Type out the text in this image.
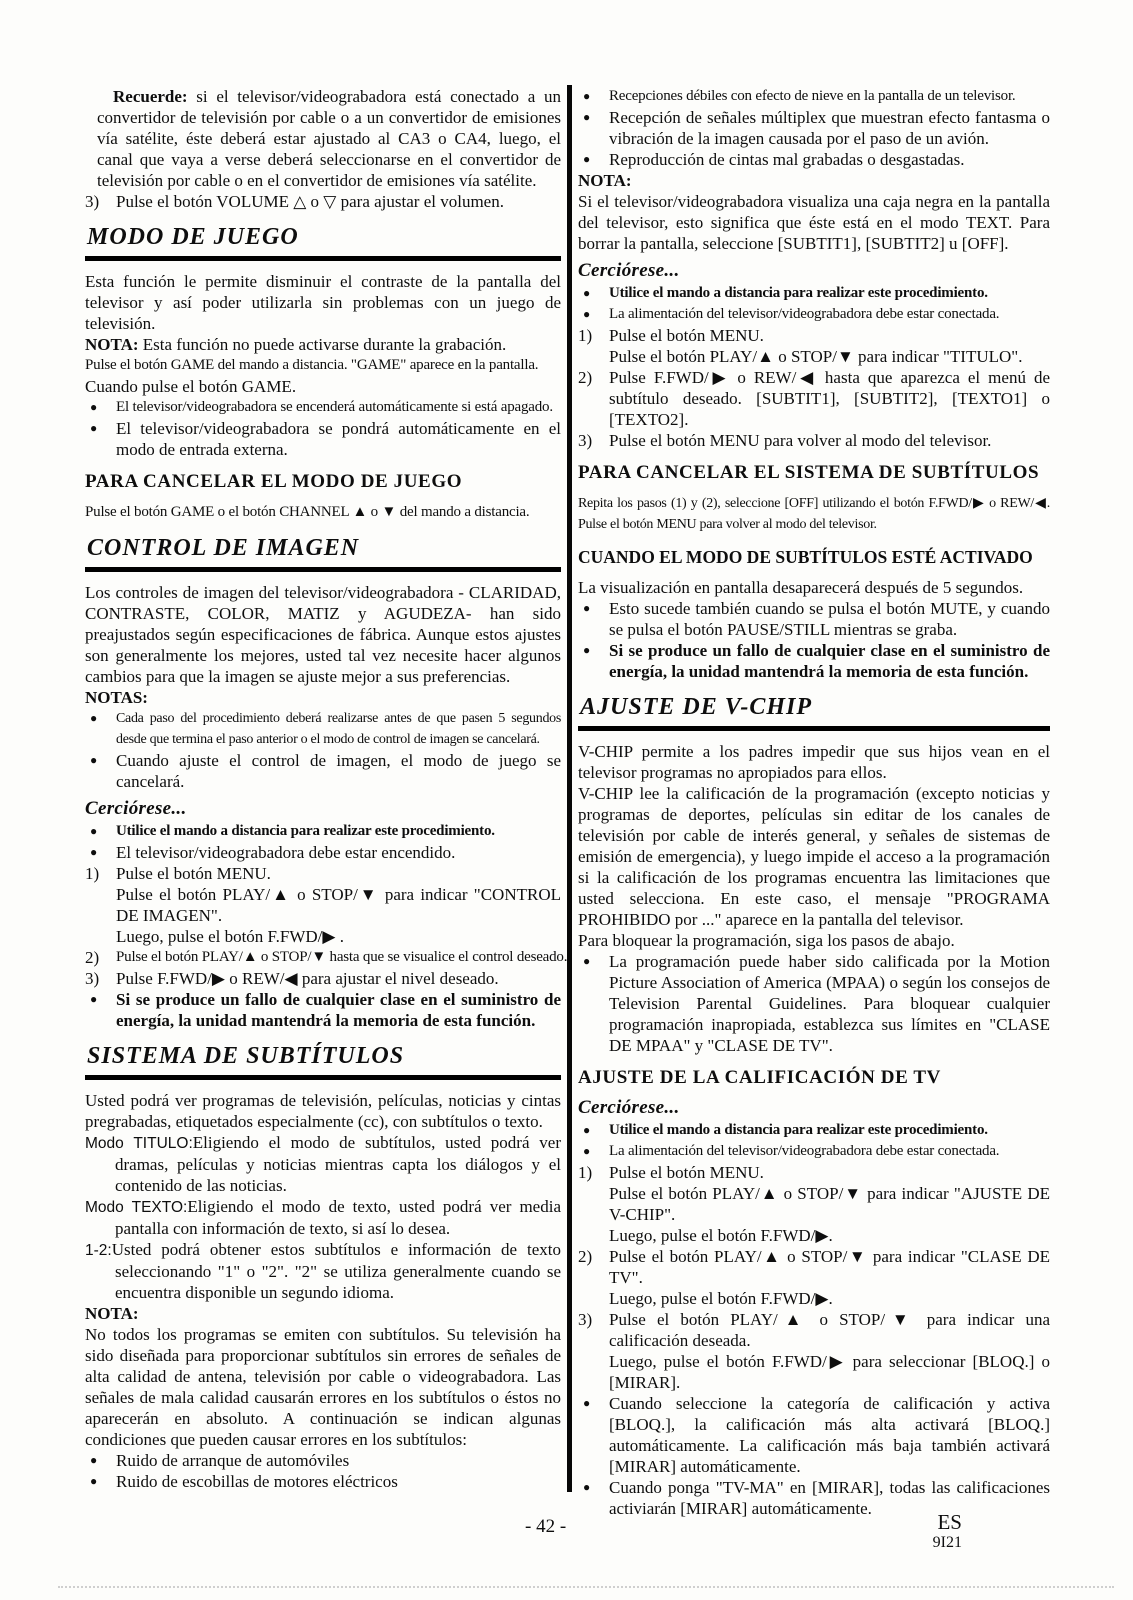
Recuerde: si el televisor/videograbadora está conectado a un convertidor de televisión por cable o a un convertidor de emisiones vía satélite, éste deberá estar ajustado al CA3 o CA4, luego, el canal que vaya a verse deberá seleccionarse en el convertidor de televisión por cable o en el convertidor de emisiones vía satélite.

3) Pulse el botón VOLUME △ o ▽ para ajustar el volumen.
MODO DE JUEGO

Esta función le permite disminuir el contraste de la pantalla del televisor y así poder utilizarla sin problemas con un juego de televisión.

NOTA: Esta función no puede activarse durante la grabación.

Pulse el botón GAME del mando a distancia. "GAME" aparece en la pantalla.

Cuando pulse el botón GAME.

●	El televisor/videograbadora se encenderá automáticamente si está apagado.
●	El televisor/videograbadora se pondrá automáticamente en el modo de entrada externa.
PARA CANCELAR EL MODO DE JUEGO

Pulse el botón GAME o el botón CHANNEL ▲ o ▼ del mando a distancia.

CONTROL DE IMAGEN

Los controles de imagen del televisor/videograbadora - CLARIDAD, CONTRASTE, COLOR, MATIZ y AGUDEZA- han sido preajustados según especificaciones de fábrica. Aunque estos ajustes son generalmente los mejores, usted tal vez necesite hacer algunos cambios para que la imagen se ajuste mejor a sus preferencias.

NOTAS:

●	Cada paso del procedimiento deberá realizarse antes de que pasen 5 segundos desde que termina el paso anterior o el modo de control de imagen se cancelará.
●	Cuando ajuste el control de imagen, el modo de juego se cancelará.
Cerciórese...
●	Utilice el mando a distancia para realizar este procedimiento.
●	El televisor/videograbadora debe estar encendido.
1) Pulse el botón MENU.
Pulse el botón PLAY/▲ o STOP/▼ para indicar "CONTROL DE IMAGEN".
Luego, pulse el botón F.FWD/▶ .
2)	Pulse el botón PLAY/▲ o STOP/▼ hasta que se visualice el control deseado.
3) Pulse F.FWD/▶ o REW/◀ para ajustar el nivel deseado.
●	Si se produce un fallo de cualquier clase en el suministro de energía, la unidad mantendrá la memoria de esta función.
SISTEMA DE SUBTÍTULOS

Usted podrá ver programas de televisión, películas, noticias y cintas pregrabadas, etiquetados especialmente (cc), con subtítulos o texto.

Modo TITULO:Eligiendo el modo de subtítulos, usted podrá ver dramas, películas y noticias mientras capta los diálogos y el contenido de las noticias.

Modo TEXTO:Eligiendo el modo de texto, usted podrá ver media pantalla con información de texto, si así lo desea.

1-2:Usted podrá obtener estos subtítulos e información de texto seleccionando "1" o "2". "2" se utiliza generalmente cuando se encuentra disponible un segundo idioma.

NOTA:

No todos los programas se emiten con subtítulos. Su televisión ha sido diseñada para proporcionar subtítulos sin errores de señales de alta calidad de antena, televisión por cable o videograbadora. Las señales de mala calidad causarán errores en los subtítulos o éstos no aparecerán en absoluto. A continuación se indican algunas condiciones que pueden causar errores en los subtítulos:

●	Ruido de arranque de automóviles
●	Ruido de escobillas de motores eléctricos
●	Recepciones débiles con efecto de nieve en la pantalla de un televisor.
●	Recepción de señales múltiplex que muestran efecto fantasma o vibración de la imagen causada por el paso de un avión.
●	Reproducción de cintas mal grabadas o desgastadas.

NOTA:

Si el televisor/videograbadora visualiza una caja negra en la pantalla del televisor, esto significa que éste está en el modo TEXT. Para borrar la pantalla, seleccione [SUBTIT1], [SUBTIT2] u [OFF].

Cerciórese...
●	Utilice el mando a distancia para realizar este procedimiento.
●	La alimentación del televisor/videograbadora debe estar conectada.
1) Pulse el botón MENU.
Pulse el botón PLAY/▲ o STOP/▼ para indicar "TITULO".
2) Pulse F.FWD/▶ o REW/◀ hasta que aparezca el menú de subtítulo deseado. [SUBTIT1], [SUBTIT2], [TEXTO1] o [TEXTO2].
3) Pulse el botón MENU para volver al modo del televisor.
PARA CANCELAR EL SISTEMA DE SUBTÍTULOS

Repita los pasos (1) y (2), seleccione [OFF] utilizando el botón F.FWD/▶ o REW/◀. Pulse el botón MENU para volver al modo del televisor.

CUANDO EL MODO DE SUBTÍTULOS ESTÉ ACTIVADO

La visualización en pantalla desaparecerá después de 5 segundos.

●	Esto sucede también cuando se pulsa el botón MUTE, y cuando se pulsa el botón PAUSE/STILL mientras se graba.
●	Si se produce un fallo de cualquier clase en el suministro de energía, la unidad mantendrá la memoria de esta función.
AJUSTE DE V-CHIP

V-CHIP permite a los padres impedir que sus hijos vean en el televisor programas no apropiados para ellos.

V-CHIP lee la calificación de la programación (excepto noticias y programas de deportes, películas sin editar de los canales de televisión por cable de interés general, y señales de sistemas de emisión de emergencia), y luego impide el acceso a la programación si la calificación de los programas encuentra las limitaciones que usted selecciona. En este caso, el mensaje "PROGRAMA PROHIBIDO por ..." aparece en la pantalla del televisor.

Para bloquear la programación, siga los pasos de abajo.

●	La programación puede haber sido calificada por la Motion Picture Association of America (MPAA) o según los consejos de Television Parental Guidelines. Para bloquear cualquier programación inapropiada, establezca sus límites en "CLASE DE MPAA" y "CLASE DE TV".
AJUSTE DE LA CALIFICACIÓN DE TV
Cerciórese...
●	Utilice el mando a distancia para realizar este procedimiento.
●	La alimentación del televisor/videograbadora debe estar conectada.
1) Pulse el botón MENU.
Pulse el botón PLAY/▲ o STOP/▼ para indicar "AJUSTE DE V-CHIP".
Luego, pulse el botón F.FWD/▶.
2) Pulse el botón PLAY/▲ o STOP/▼ para indicar "CLASE DE TV".
Luego, pulse el botón F.FWD/▶.
3) Pulse el botón PLAY/▲ o STOP/▼ para indicar una calificación deseada.
Luego, pulse el botón F.FWD/▶ para seleccionar [BLOQ.] o [MIRAR].
●	Cuando seleccione la categoría de calificación y activa [BLOQ.], la calificación más alta activará [BLOQ.] automáticamente. La calificación más baja también activará [MIRAR] automáticamente.
●	Cuando ponga "TV-MA" en [MIRAR], todas las calificaciones activiarán [MIRAR] automáticamente.
- 42 -	ES
9I21
